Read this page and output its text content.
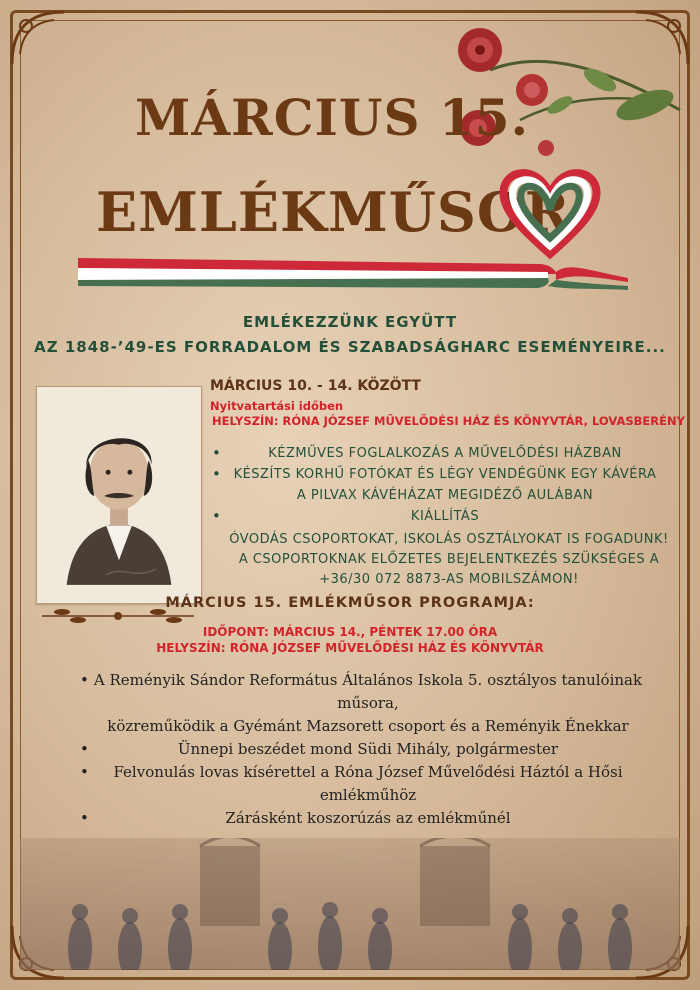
MÁRCIUS 15.
EMLÉKMŰSOR
EMLÉKEZZÜNK EGYÜTT
AZ 1848-’49-ES FORRADALOM ÉS SZABADSÁGHARC ESEMÉNYEIRE...
MÁRCIUS 10. - 14. KÖZÖTT
Nyitvatartási időben
HELYSZÍN: RÓNA JÓZSEF MŰVELŐDÉSI HÁZ ÉS KÖNYVTÁR, LOVASBERÉNY
• KÉZMŰVES FOGLALKOZÁS A MŰVELŐDÉSI HÁZBAN
• KÉSZÍTS KORHŰ FOTÓKAT ÉS LÉGY VENDÉGÜNK EGY KÁVÉRA
A PILVAX KÁVÉHÁZAT MEGIDÉZŐ AULÁBAN
• KIÁLLÍTÁS
ÓVODÁS CSOPORTOKAT, ISKOLÁS OSZTÁLYOKAT IS FOGADUNK!
A CSOPORTOKNAK ELŐZETES BEJELENTKEZÉS SZÜKSÉGES A
+36/30 072 8873-AS MOBILSZÁMON!
MÁRCIUS 15. EMLÉKMŰSOR PROGRAMJA:
IDŐPONT: MÁRCIUS 14., PÉNTEK 17.00 ÓRA
HELYSZÍN: RÓNA JÓZSEF MŰVELŐDÉSI HÁZ ÉS KÖNYVTÁR
• A Reményik Sándor Református Általános Iskola 5. osztályos tanulóinak
műsora,
közreműködik a Gyémánt Mazsorett csoport és a Reményik Énekkar
• Ünnepi beszédet mond Südi Mihály, polgármester
• Felvonulás lovas kísérettel a Róna József Művelődési Háztól a Hősi
emlékműhöz
• Zárásként koszorúzás az emlékműnél
